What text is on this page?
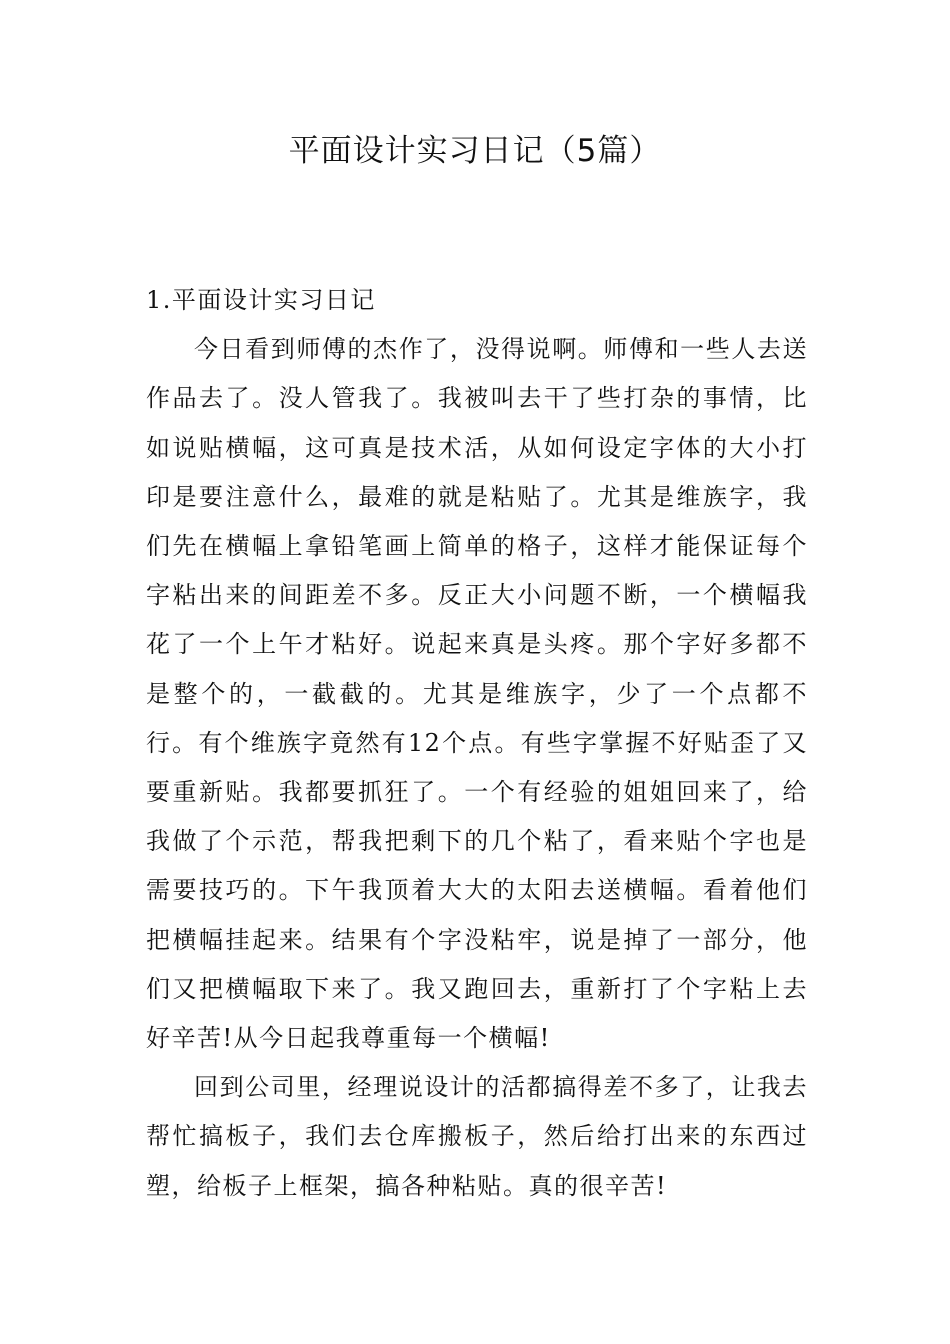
平面设计实习日记（5篇）
1.平面设计实习日记

今日看到师傅的杰作了，没得说啊。师傅和一些人去送作品去了。没人管我了。我被叫去干了些打杂的事情，比如说贴横幅，这可真是技术活，从如何设定字体的大小打印是要注意什么，最难的就是粘贴了。尤其是维族字，我们先在横幅上拿铅笔画上简单的格子，这样才能保证每个字粘出来的间距差不多。反正大小问题不断，一个横幅我花了一个上午才粘好。说起来真是头疼。那个字好多都不是整个的，一截截的。尤其是维族字，少了一个点都不行。有个维族字竟然有12个点。有些字掌握不好贴歪了又要重新贴。我都要抓狂了。一个有经验的姐姐回来了，给我做了个示范，帮我把剩下的几个粘了，看来贴个字也是需要技巧的。下午我顶着大大的太阳去送横幅。看着他们把横幅挂起来。结果有个字没粘牢，说是掉了一部分，他们又把横幅取下来了。我又跑回去，重新打了个字粘上去好辛苦!从今日起我尊重每一个横幅!

回到公司里，经理说设计的活都搞得差不多了，让我去帮忙搞板子，我们去仓库搬板子，然后给打出来的东西过塑，给板子上框架，搞各种粘贴。真的很辛苦!
